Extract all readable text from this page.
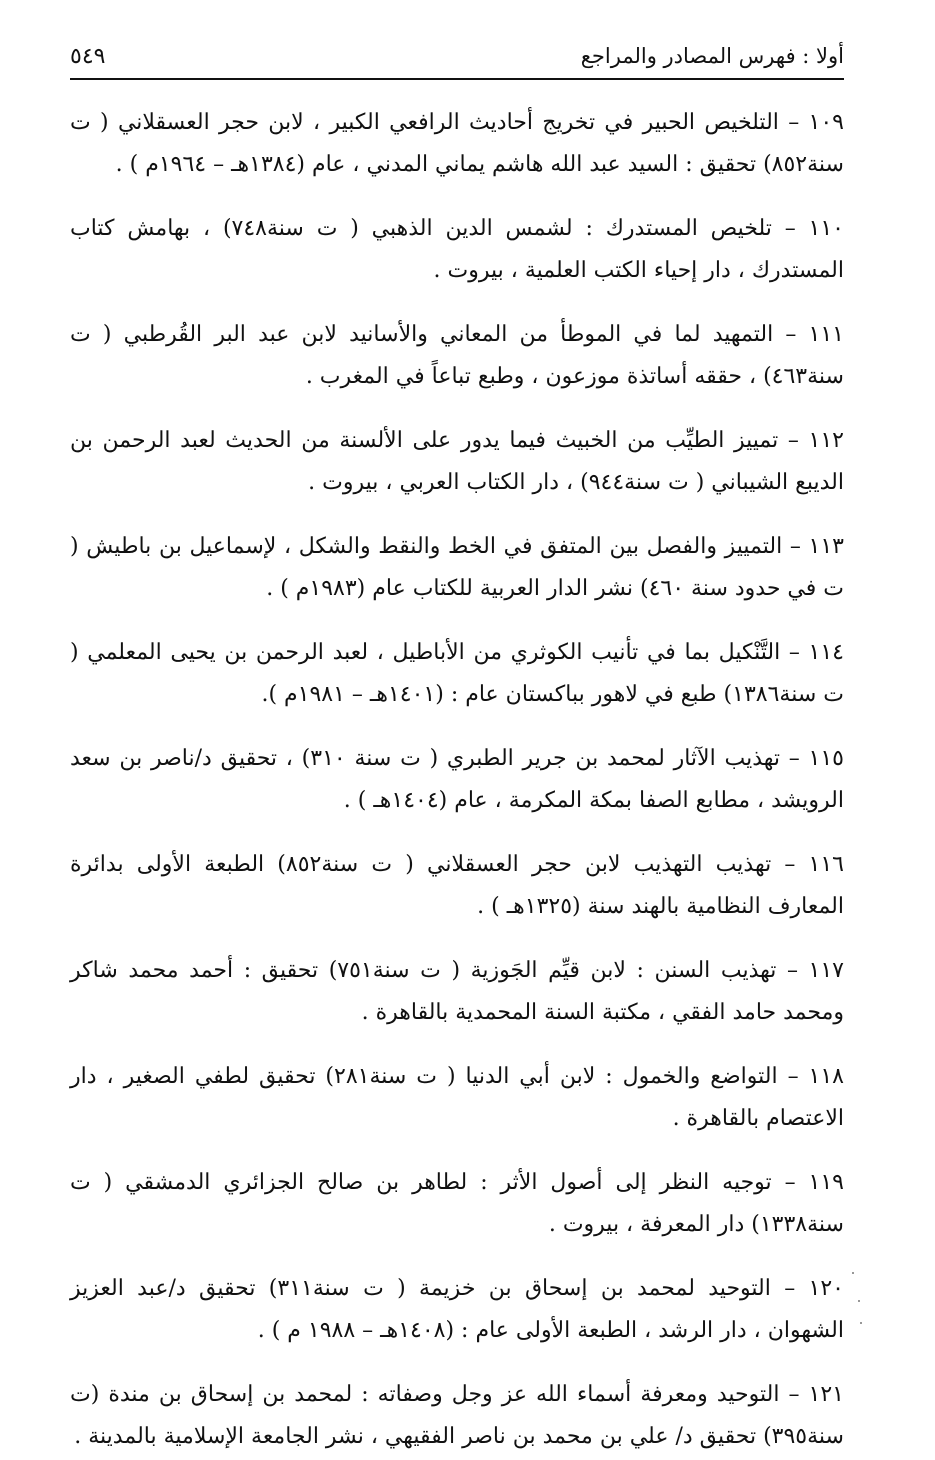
أولا : فهرس المصادر والمراجع
٥٤٩

١٠٩ – التلخيص الحبير في تخريج أحاديث الرافعي الكبير ، لابن حجر العسقلاني ( ت سنة٨٥٢) تحقيق : السيد عبد الله هاشم يماني المدني ، عام (١٣٨٤هـ – ١٩٦٤م ) .

١١٠ – تلخيص المستدرك : لشمس الدين الذهبي ( ت سنة٧٤٨) ، بهامش كتاب المستدرك ، دار إحياء الكتب العلمية ، بيروت .

١١١ – التمهيد لما في الموطأ من المعاني والأسانيد لابن عبد البر القُرطبي ( ت سنة٤٦٣) ، حققه أساتذة موزعون ، وطبع تباعاً في المغرب .

١١٢ – تمييز الطيِّب من الخبيث فيما يدور على الألسنة من الحديث لعبد الرحمن بن الديبع الشيباني ( ت سنة٩٤٤) ، دار الكتاب العربي ، بيروت .

١١٣ – التمييز والفصل بين المتفق في الخط والنقط والشكل ، لإسماعيل بن باطيش ( ت في حدود سنة ٤٦٠) نشر الدار العربية للكتاب عام (١٩٨٣م ) .

١١٤ – التَّنْكيل بما في تأنيب الكوثري من الأباطيل ، لعبد الرحمن بن يحيى المعلمي ( ت سنة١٣٨٦) طبع في لاهور بباكستان عام : (١٤٠١هـ – ١٩٨١م ).

١١٥ – تهذيب الآثار لمحمد بن جرير الطبري ( ت سنة ٣١٠) ، تحقيق د/ناصر بن سعد الرويشد ، مطابع الصفا بمكة المكرمة ، عام (١٤٠٤هـ ) .

١١٦ – تهذيب التهذيب لابن حجر العسقلاني ( ت سنة٨٥٢) الطبعة الأولى بدائرة المعارف النظامية بالهند سنة (١٣٢٥هـ ) .

١١٧ – تهذيب السنن : لابن قيِّم الجَوزية ( ت سنة٧٥١) تحقيق : أحمد محمد شاكر ومحمد حامد الفقي ، مكتبة السنة المحمدية بالقاهرة .

١١٨ – التواضع والخمول : لابن أبي الدنيا ( ت سنة٢٨١) تحقيق لطفي الصغير ، دار الاعتصام بالقاهرة .

١١٩ – توجيه النظر إلى أصول الأثر : لطاهر بن صالح الجزائري الدمشقي ( ت سنة١٣٣٨) دار المعرفة ، بيروت .

١٢٠ – التوحيد لمحمد بن إسحاق بن خزيمة ( ت سنة٣١١) تحقيق د/عبد العزيز الشهوان ، دار الرشد ، الطبعة الأولى عام : (١٤٠٨هـ – ١٩٨٨ م ) .

١٢١ – التوحيد ومعرفة أسماء الله عز وجل وصفاته : لمحمد بن إسحاق بن مندة (ت سنة٣٩٥) تحقيق د/ علي بن محمد بن ناصر الفقيهي ، نشر الجامعة الإسلامية بالمدينة .
